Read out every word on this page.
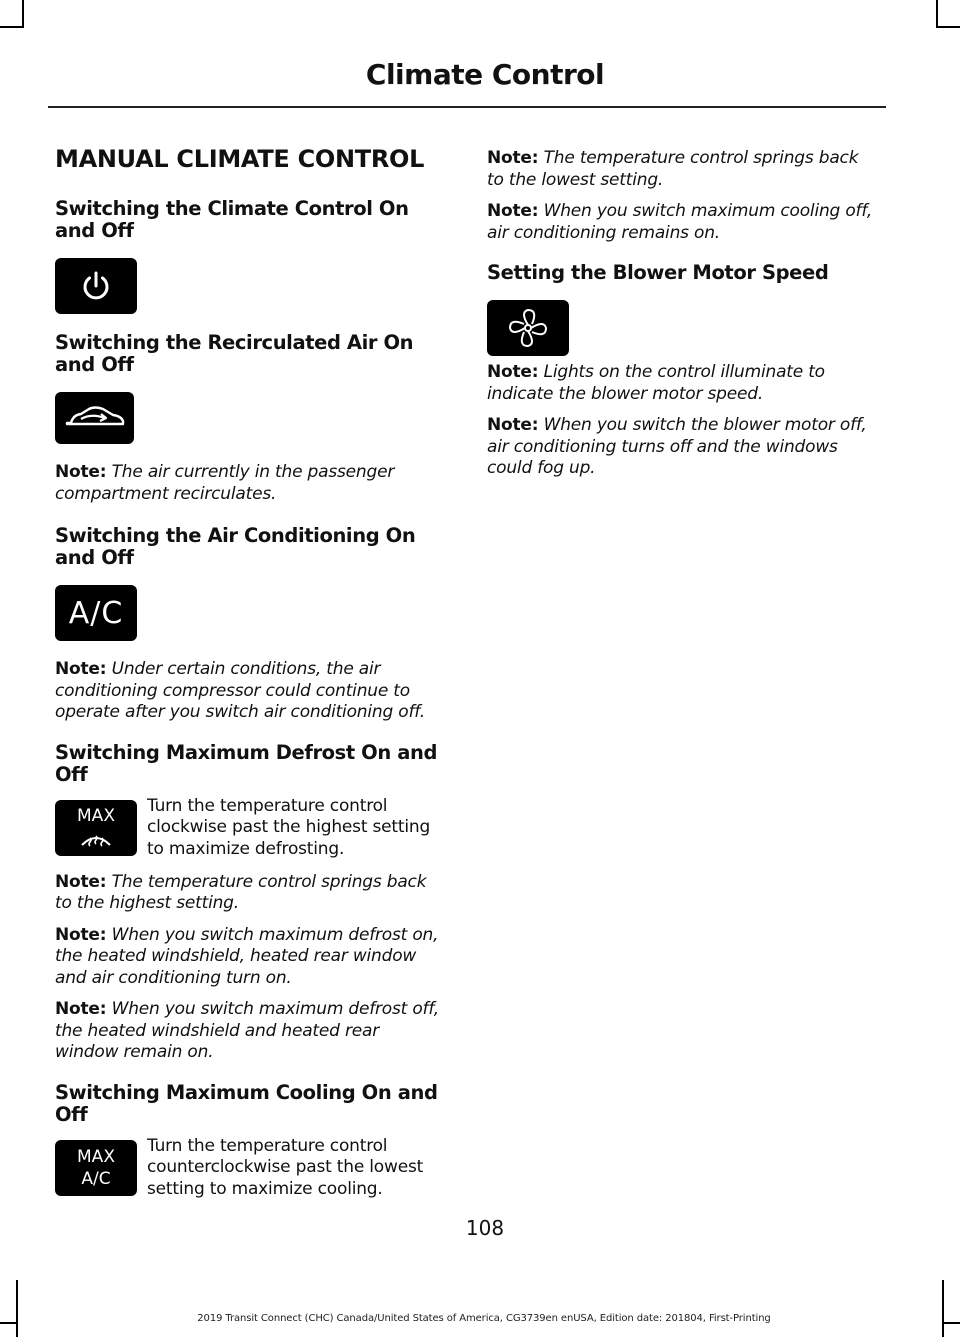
Climate Control
MANUAL CLIMATE CONTROL
Switching the Climate Control On and Off
Switching the Recirculated Air On and Off

Note: The air currently in the passenger compartment recirculates.

Switching the Air Conditioning On and Off
A/C

Note: Under certain conditions, the air conditioning compressor could continue to operate after you switch air conditioning off.

Switching Maximum Defrost On and Off
MAX	Turn the temperature control clockwise past the highest setting to maximize defrosting.

Note: The temperature control springs back to the highest setting.

Note: When you switch maximum defrost on, the heated windshield, heated rear window and air conditioning turn on.

Note: When you switch maximum defrost off, the heated windshield and heated rear window remain on.

Switching Maximum Cooling On and Off
MAX
A/C

Turn the temperature control counterclockwise past the lowest setting to maximize cooling.

Note: The temperature control springs back to the lowest setting.

Note: When you switch maximum cooling off, air conditioning remains on.

Setting the Blower Motor Speed

Note: Lights on the control illuminate to indicate the blower motor speed.

Note: When you switch the blower motor off, air conditioning turns off and the windows could fog up.

108
2019 Transit Connect (CHC) Canada/United States of America, CG3739en enUSA, Edition date: 201804, First-Printing
